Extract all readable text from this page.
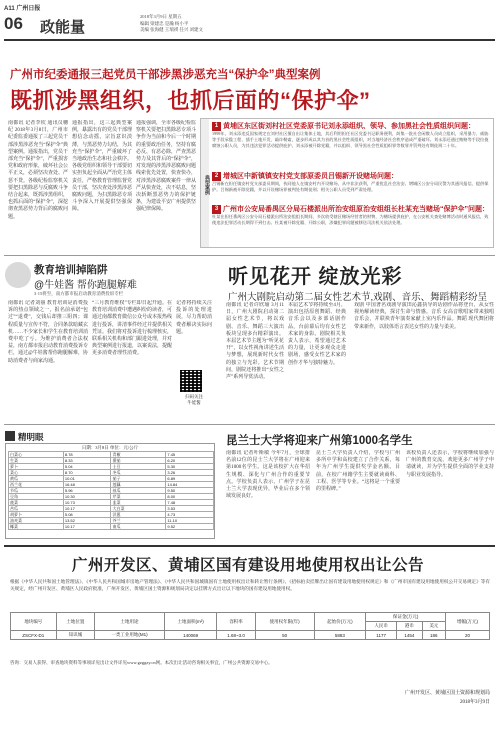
A11 广州日报
06 政能量
2018年3月9日 星期五
编辑 梁建忠 是瀚 杨小平
美编 张海健 王瑞祺 任兴 刘建文
广州市纪委通报三起党员干部涉黑涉恶充当“保护伞”典型案例
既抓涉黑组织，也抓后面的“保护伞”
南都讯 记者李钦 通讯员穗纪 2018年3月8日，广州市纪委监委通报了三起党员干部涉黑涉恶充当“保护伞”典型案例。通报指出，党员干部充当“保护伞”，严重损害党和政府形象，破坏社会公平正义，必须坚决查处、严惩不贷。各级纪检监察机关要把扫黑除恶与反腐败斗争结合起来，既抓涉黑组织，也抓后面的“保护伞”，深挖彻查黑恶势力背后的腐败问题。
通报指出，这三起典型案例，暴露出有的党员干部理想信念动摇，宗旨意识淡薄，与黑恶势力勾结，为其充当“保护伞”，严重破坏了当地政治生态和社会秩序。各级党组织和领导干部要切实担负起全面从严治党主体责任，严格教育管理监督党员干部，坚决查处涉黑涉恶腐败问题，为扫黑除恶专项斗争深入开展提供坚强保障。
通报强调，全市各级纪检监察机关要把扫黑除恶专项斗争作为当前和今后一个时期的重要政治任务，坚持有腐必反、有恶必除，严查黑恶势力及其背后的“保护伞”，对发现的涉黑涉恶腐败问题线索优先处置，快查快办，对涉黑涉恶腐败案件一律从严从快查处，决不姑息，坚决斩断黑恶势力的保护链条，为建设平安广州提供坚强纪律保障。
典型案例
1 黄埔区东区街刘村社区党委原书记刘永添组织、领导、参加黑社会性质组织问题：
1999年，刘永添违反国家规定在刘村社区擅自出让集体土地，其后利用担任社区党委书记职务便利，纠集一批社会闲散人员成立组织，采用暴力、威胁等手段承揽工程、插手土地开发、敲诈勒索，逐步形成以其为首的黑社会性质组织，对当地经济社会秩序造成严重破坏。刘永添还通过贿赂等手段拉拢腐蚀公职人员，为其违法犯罪活动提供庇护。刘永添被开除党籍，并以组织、领导黑社会性质组织罪等数罪并罚判处有期徒刑二十年。
2 增城区中新镇镇安村党支部原委员吕锡新开设赌场问题：
吕锡新在担任镇安村党支部委员期间，伙同他人在镇安村内开设赌场，从中非法获利，严重扰乱社会治安。增城区公安分局民警为其通风报信、提供保护。吕锡新被开除党籍，并以开设赌场罪被判处有期徒刑；相关公职人员受到严肃处理。
3 广州市公安局番禺区分局石楼派出所治安组原治安组组长杜某充当赌场“保护伞”问题：
杜某在担任番禺区公安分局石楼派出所治安组组长期间，多次收受辖区赌场经营者的财物，为赌场提供庇护，在公安机关查处赌博活动时通风报信，致使违法犯罪活动长期得不到打击。杜某被开除党籍、开除公职，涉嫌犯罪问题被移送司法机关依法处理。
教育培训掉陷阱
@牛娃酱 帮你跑腿解难
3·15将至，南方都市报启动教育消费投诉专栏
南都讯 记者刘丽 教育培训是消费投诉的热点领域之一，报名前承诺“包过”“退费”，交钱后却推三阻四；课程质量与宣传不符，合同条款暗藏玄机……不少家长和学生在教育培训消费中吃了亏。为维护消费者合法权益，南方都市报启动教育消费投诉专栏，通过@牛娃酱帮你跑腿解难，协助消费者与商家沟通。
“三月教育维权”专栏即日起开通。在教育培训消费中遭遇纠纷的读者，可通过南都教育微信公众号或本报热线进行投诉，讲清事件经过并提供相关凭证。我们将对投诉进行梳理核实，联系相关机构和部门跟进处理，并对典型案例进行报道，以案说法，提醒更多消费者理性消费。
记者将持续关注投诉的处理进展，尽力帮助消费者解决实际问题。
扫码关注
牛娃酱
听见花开 绽放光彩
广州大剧院启动第二届女性艺术节,戏剧、音乐、舞蹈精彩纷呈
南都讯 记者许欣瑜 3月11日，广州大剧院启动第二届女性艺术节，将以戏剧、音乐、舞蹈三大演出板块呈现多台精彩演出。本届艺术节主题为“听见花开”，以女性视角讲述生活与梦想，展现新时代女性的独立与光彩。艺术节期间，剧院还将推出“女性之声”系列导赏活动。
本届艺术节将持续至4月，演出包括原创舞蹈、经典音乐会以及多部话剧作品，台前幕后均有女性艺术家的身影。剧院相关负责人表示，希望通过艺术的力量，让更多观众走进剧场，感受女性艺术家的创作才华与独特魅力。
戏剧 中国著名戏剧导演田沁鑫执导的话剧作品将登台，从女性视角解读经典，探讨生命与情感。音乐 女高音歌唱家带来独唱音乐会，并联袂青年演奏家献上室内乐作品。舞蹈 现代舞团将带来新作，以肢体语言表达女性的力量与柔美。
精明眼
日期：3月8日 单位：元/公斤
白菜心	8.78	青椒	7.45
生菜	8.33	番茄	6.20
萝卜	5.04	土豆	5.30
菜心	8.70	冬瓜	3.26
黄瓜	10.01	茄子	6.89
西兰花	16.48	莲藕	14.84
节瓜	5.96	丝瓜	9.50
豆角	10.30	芹菜	8.00
菠菜	10.73	韭菜	7.48
苦瓜	10.17	大白菜	3.53
胡萝卜	5.08	洋葱	4.73
油麦菜	13.52	芥兰	11.10
椰菜	10.17	南瓜	9.52
昆兰士大学将迎来广州第1000名学生
南都讯 记者叶斯敏 今年7月，全球排名前12位的昆士兰大学将在广州迎来第1000名学生。这是该校扩大在华招生规模、深化与广州合作的重要节点。学校负责人表示，广州学子在昆士兰大学表现优异，毕业后在多个领域发展良好。
昆士兰大学负责人介绍，学校与广州多所中学和高校建立了合作关系，每年为广州学生提供奖学金名额。目前，在校广州籍学生主要就读商科、工程、医学等专业。“这将是一个重要的里程碑。”
该校负责人还表示，学校将继续加强与广州的教育交流，欢迎更多广州学子申请就读，并为学生提供全面的学业支持与职业发展指导。
广州开发区、黄埔区国有建设用地使用权出让公告
根据《中华人民共和国土地管理法》、《中华人民共和国城市房地产管理法》、《中华人民共和国城镇国有土地使用权出让和转让暂行条例》、《招标拍卖挂牌出让国有建设用地使用权规定》和《广州市国有建设用地使用权公开交易规定》等有关规定，经广州开发区、黄埔区人民政府批准，广州开发区、黄埔区国土资源和规划局决定以挂牌方式出让以下地块的国有建设用地使用权。
地块编号	土地位置	土地用途	土地面积(m²)	容积率	使用权年限(年)	起始价(万元)	保证金(万元)			增幅(万元)
							人民币	港币	美元	
ZSCFX-D1	知识城	一类工业用地(M1)	140069	1.68~3.0	50	5883	1177	1454	186	20
咨询：交易人获得、审查地块资料等事项详见出让文件详见www.gzggzy.cn网。本次出让活动咨询相关事宜，广州公共资源交易中心。
广州开发区、黄埔区国土资源和规划局
2018年3月9日
